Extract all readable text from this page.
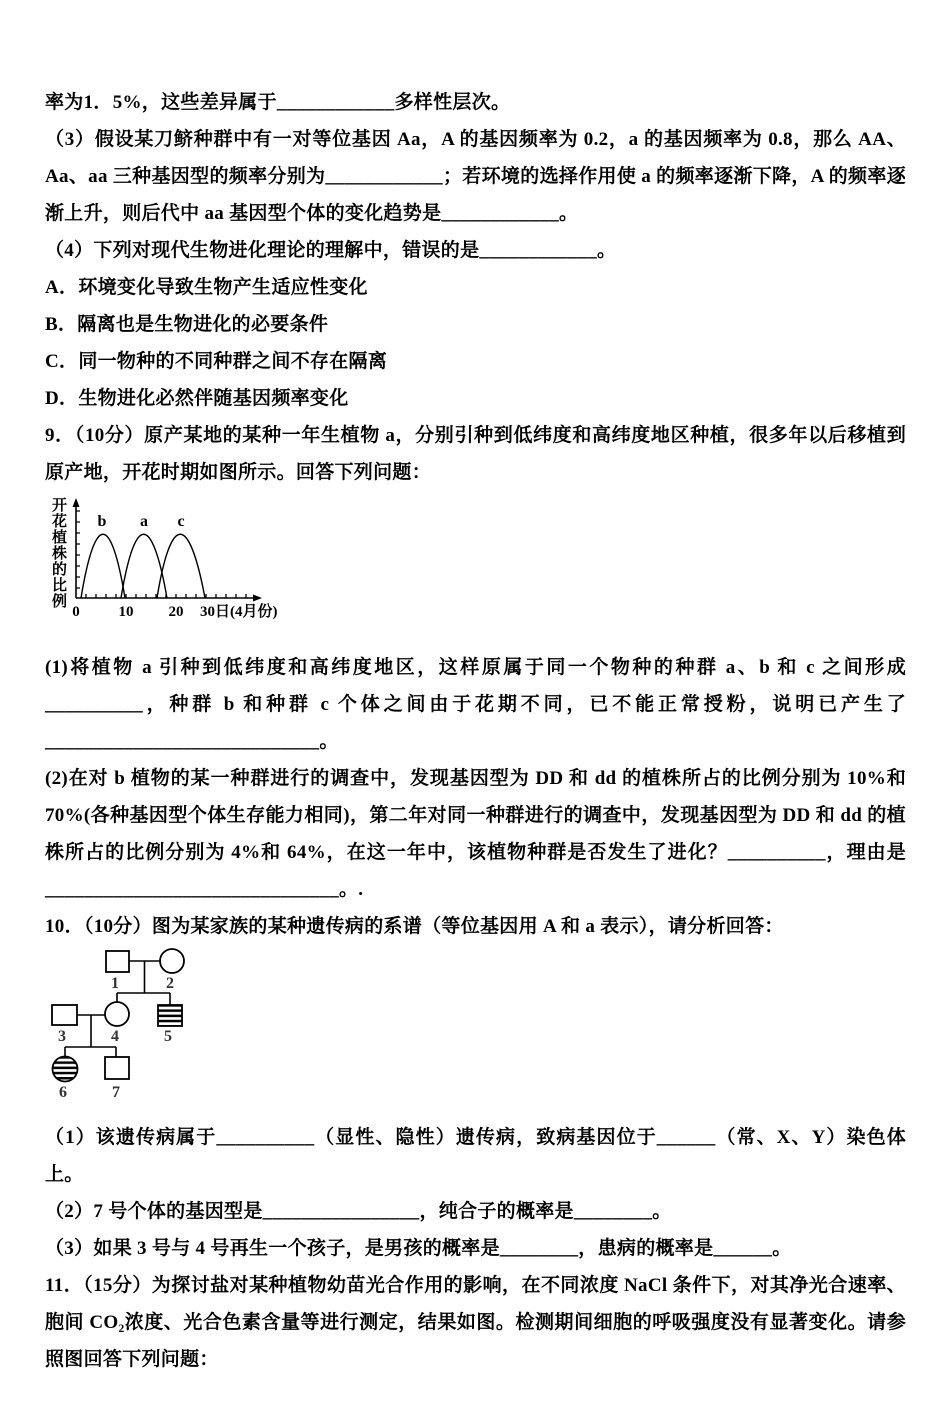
率为1．5%，这些差异属于____________多样性层次。

（3）假设某刀鲚种群中有一对等位基因 Aa，A 的基因频率为 0.2，a 的基因频率为 0.8，那么 AA、Aa、aa 三种基因型的频率分别为____________；若环境的选择作用使 a 的频率逐渐下降，A 的频率逐渐上升，则后代中 aa 基因型个体的变化趋势是____________。

（4）下列对现代生物进化理论的理解中，错误的是____________。

A．环境变化导致生物产生适应性变化

B．隔离也是生物进化的必要条件

C．同一物种的不同种群之间不存在隔离

D．生物进化必然伴随基因频率变化

9．（10分）原产某地的某种一年生植物 a，分别引种到低纬度和高纬度地区种植，很多年以后移植到原产地，开花时期如图所示。回答下列问题：

开花植株的比例 b a c
0	10 20 30日(4月份)

(1)将植物 a 引种到低纬度和高纬度地区，这样原属于同一个物种的种群 a、b 和 c 之间形成__________，种群 b 和种群 c 个体之间由于花期不同，已不能正常授粉，说明已产生了____________________________。

(2)在对 b 植物的某一种群进行的调查中，发现基因型为 DD 和 dd 的植株所占的比例分别为 10%和 70%(各种基因型个体生存能力相同)，第二年对同一种群进行的调查中，发现基因型为 DD 和 dd 的植株所占的比例分别为 4%和 64%，在这一年中，该植物种群是否发生了进化？__________，理由是______________________________。.

10．（10分）图为某家族的某种遗传病的系谱（等位基因用 A 和 a 表示），请分析回答：

1	2
3	4	5
6	7

（1）该遗传病属于__________（显性、隐性）遗传病，致病基因位于______（常、X、Y）染色体上。

（2）7 号个体的基因型是________________，纯合子的概率是________。

（3）如果 3 号与 4 号再生一个孩子，是男孩的概率是________，患病的概率是______。

11．（15分）为探讨盐对某种植物幼苗光合作用的影响，在不同浓度 NaCl 条件下，对其净光合速率、胞间 CO₂浓度、光合色素含量等进行测定，结果如图。检测期间细胞的呼吸强度没有显著变化。请参照图回答下列问题：
